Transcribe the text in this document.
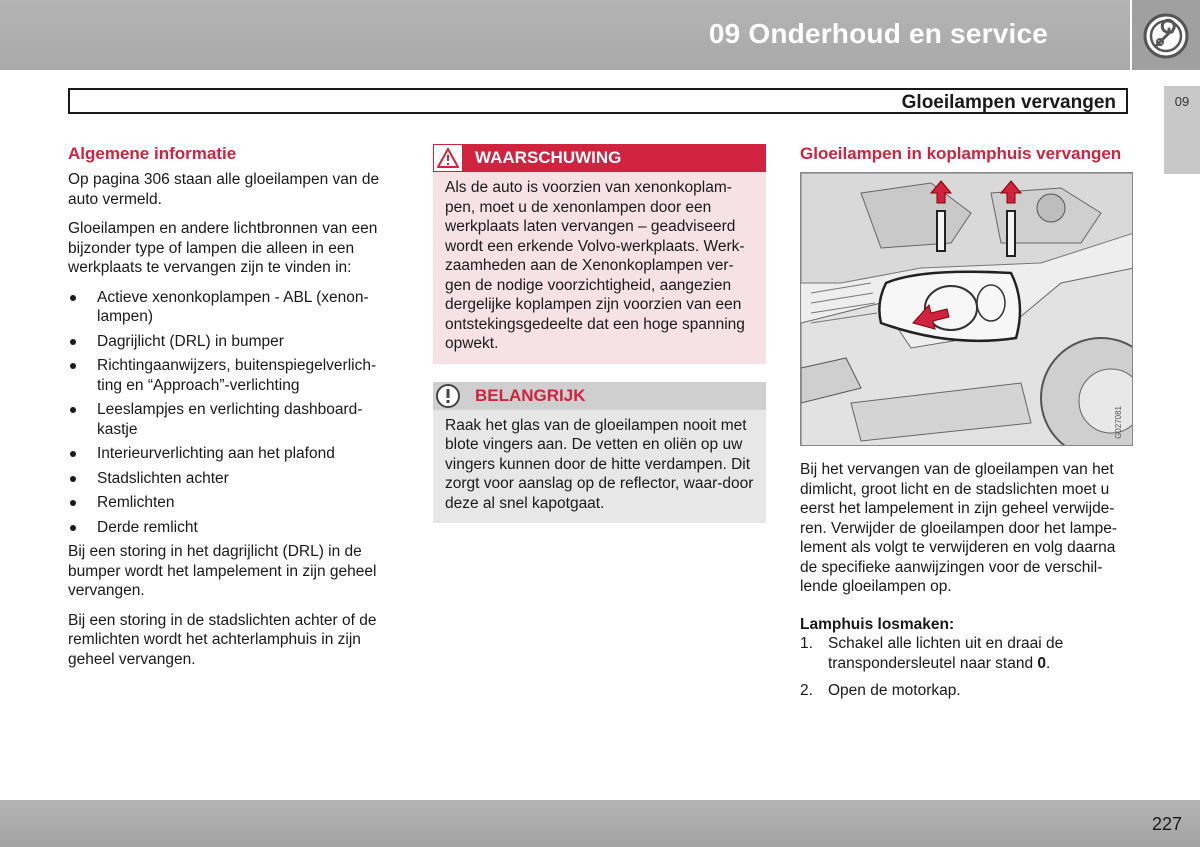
09 Onderhoud en service
Gloeilampen vervangen	09
Algemene informatie

Op pagina 306 staan alle gloeilampen van de auto vermeld.

Gloeilampen en andere lichtbronnen van een bijzonder type of lampen die alleen in een werkplaats te vervangen zijn te vinden in:

Actieve xenonkoplampen - ABL (xenon-lampen)
Dagrijlicht (DRL) in bumper
Richtingaanwijzers, buitenspiegelverlich-ting en “Approach”-verlichting
Leeslampjes en verlichting dashboard-kastje
Interieurverlichting aan het plafond
Stadslichten achter
Remlichten
Derde remlicht

Bij een storing in het dagrijlicht (DRL) in de bumper wordt het lampelement in zijn geheel vervangen.

Bij een storing in de stadslichten achter of de remlichten wordt het achterlamphuis in zijn geheel vervangen.

WAARSCHUWING
Als de auto is voorzien van xenonkoplam-pen, moet u de xenonlampen door een werkplaats laten vervangen – geadviseerd wordt een erkende Volvo-werkplaats. Werk-zaamheden aan de Xenonkoplampen ver-gen de nodige voorzichtigheid, aangezien dergelijke koplampen zijn voorzien van een ontstekingsgedeelte dat een hoge spanning opwekt.
BELANGRIJK
Raak het glas van de gloeilampen nooit met blote vingers aan. De vetten en oliën op uw vingers kunnen door de hitte verdampen. Dit zorgt voor aanslag op de reflector, waar-door deze al snel kapotgaat.
Gloeilampen in koplamphuis vervangen
G027081

Bij het vervangen van de gloeilampen van het dimlicht, groot licht en de stadslichten moet u eerst het lampelement in zijn geheel verwijde-ren. Verwijder de gloeilampen door het lampe-lement als volgt te verwijderen en volg daarna de specifieke aanwijzingen voor de verschil-lende gloeilampen op.

Lamphuis losmaken:
1. Schakel alle lichten uit en draai de transpondersleutel naar stand 0.
2. Open de motorkap.
227
